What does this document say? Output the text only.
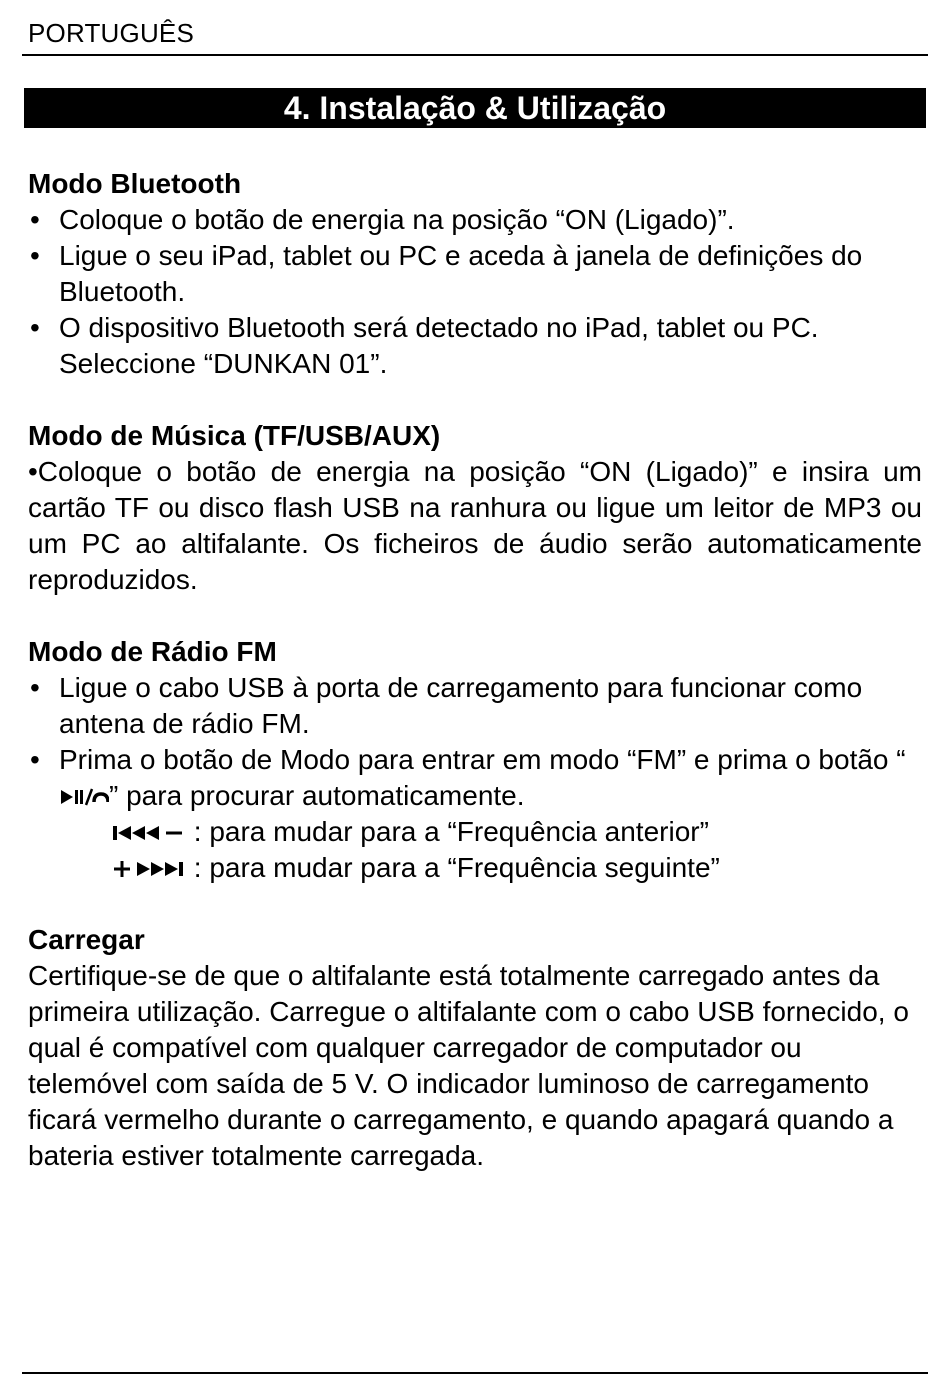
PORTUGUÊS
4. Instalação & Utilização
Modo Bluetooth
• Coloque o botão de energia na posição “ON (Ligado)”.
• Ligue o seu iPad, tablet ou PC e aceda à janela de definições do Bluetooth.
• O dispositivo Bluetooth será detectado no iPad, tablet ou PC. Seleccione “DUNKAN 01”.
Modo de Música (TF/USB/AUX)

•Coloque o botão de energia na posição “ON (Ligado)” e insira um cartão TF ou disco flash USB na ranhura ou ligue um leitor de MP3 ou um PC ao altifalante. Os ficheiros de áudio serão automaticamente reproduzidos.

Modo de Rádio FM
• Ligue o cabo USB à porta de carregamento para funcionar como antena de rádio FM.
• Prima o botão de Modo para entrar em modo “FM” e prima o botão “” para procurar automaticamente.
: para mudar para a “Frequência anterior”
: para mudar para a “Frequência seguinte”
Carregar

Certifique-se de que o altifalante está totalmente carregado antes da primeira utilização. Carregue o altifalante com o cabo USB fornecido, o qual é compatível com qualquer carregador de computador ou telemóvel com saída de 5 V. O indicador luminoso de carregamento ficará vermelho durante o carregamento, e quando apagará quando a bateria estiver totalmente carregada.
